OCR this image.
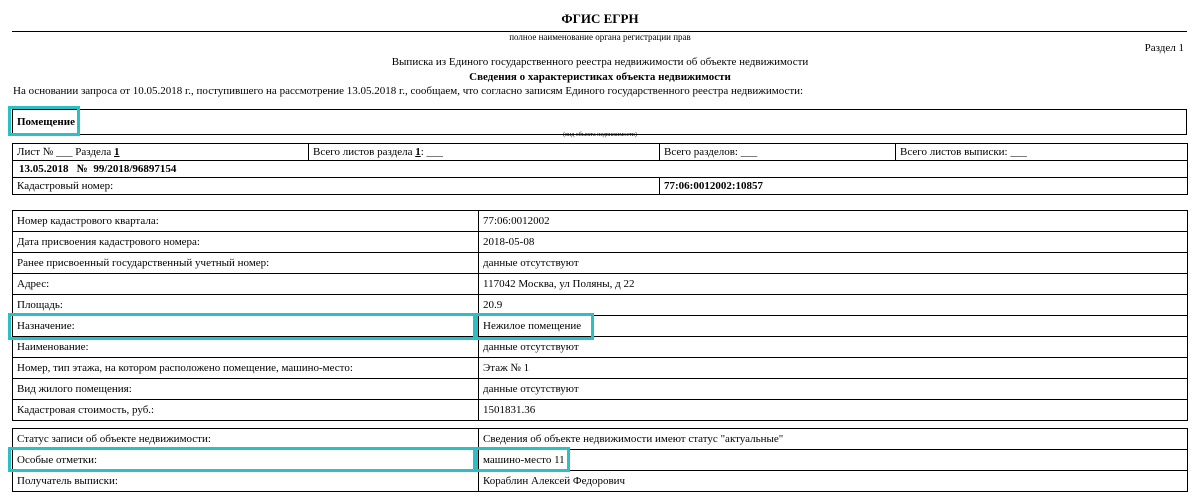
ФГИС ЕГРН
полное наименование органа регистрации прав
Раздел 1
Выписка из Единого государственного реестра недвижимости об объекте недвижимости
Сведения о характеристиках объекта недвижимости
На основании запроса от 10.05.2018 г., поступившего на рассмотрение 13.05.2018 г., сообщаем, что согласно записям Единого государственного реестра недвижимости:
Помещение
(вид объекта недвижимости)
Лист № ___ Раздела 1	Всего листов раздела 1: ___	Всего разделов: ___	Всего листов выписки: ___
13.05.2018 № 99/2018/96897154			
Кадастровый номер:		77:06:0012002:10857	
Номер кадастрового квартала:	77:06:0012002
Дата присвоения кадастрового номера:	2018-05-08
Ранее присвоенный государственный учетный номер:	данные отсутствуют
Адрес:	117042 Москва, ул Поляны, д 22
Площадь:	20.9
Назначение:	Нежилое помещение
Наименование:	данные отсутствуют
Номер, тип этажа, на котором расположено помещение, машино-место:	Этаж № 1
Вид жилого помещения:	данные отсутствуют
Кадастровая стоимость, руб.:	1501831.36
Статус записи об объекте недвижимости:	Сведения об объекте недвижимости имеют статус "актуальные"
Особые отметки:	машино-место 11
Получатель выписки:	Кораблин Алексей Федорович
